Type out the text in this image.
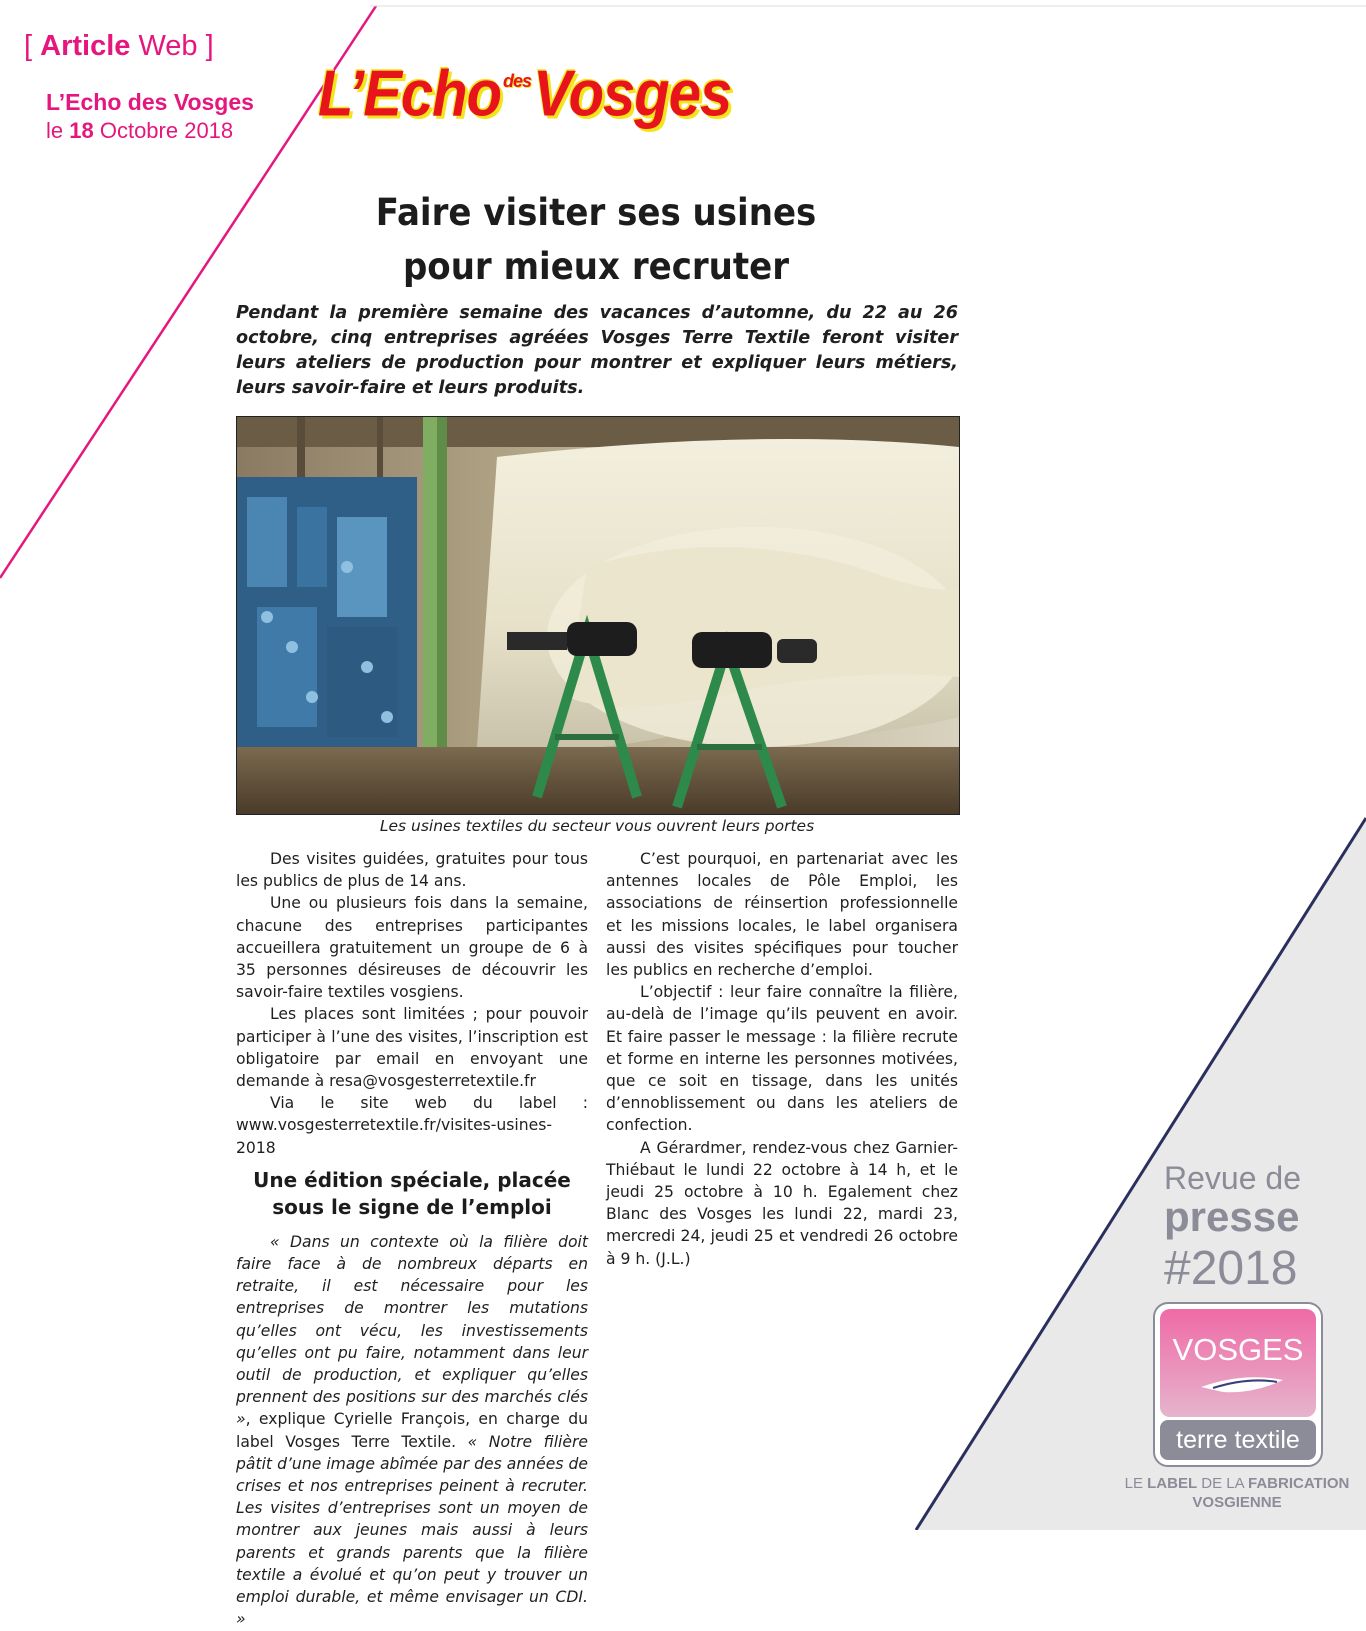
[ Article Web ]
L’Echo des Vosges
le 18 Octobre 2018
L’Echo desVosges
Faire visiter ses usines
pour mieux recruter
Pendant la première semaine des vacances d’automne, du 22 au 26 octobre, cinq entreprises agréées Vosges Terre Textile feront visiter leurs ateliers de production pour montrer et expliquer leurs métiers, leurs savoir-faire et leurs produits.
Les usines textiles du secteur vous ouvrent leurs portes

Des visites guidées, gratuites pour tous les publics de plus de 14 ans.

Une ou plusieurs fois dans la semaine, chacune des entreprises participantes accueillera gratuitement un groupe de 6 à 35 personnes désireuses de découvrir les savoir-faire textiles vosgiens.

Les places sont limitées ; pour pouvoir participer à l’une des visites, l’inscription est obligatoire par email en envoyant une demande à resa@vosgesterretextile.fr

Via le site web du label : www.vosgesterretextile.fr/visites-usines-2018

Une édition spéciale, placée
sous le signe de l’emploi

« Dans un contexte où la filière doit faire face à de nombreux départs en retraite, il est nécessaire pour les entreprises de montrer les mutations qu’elles ont vécu, les investissements qu’elles ont pu faire, notamment dans leur outil de production, et expliquer qu’elles prennent des positions sur des marchés clés », explique Cyrielle François, en charge du label Vosges Terre Textile. « Notre filière pâtit d’une image abîmée par des années de crises et nos entreprises peinent à recruter. Les visites d’entreprises sont un moyen de montrer aux jeunes mais aussi à leurs parents et grands parents que la filière textile a évolué et qu’on peut y trouver un emploi durable, et même envisager un CDI. »

C’est pourquoi, en partenariat avec les antennes locales de Pôle Emploi, les associations de réinsertion professionnelle et les missions locales, le label organisera aussi des visites spécifiques pour toucher les publics en recherche d’emploi.

L’objectif : leur faire connaître la filière, au-delà de l’image qu’ils peuvent en avoir. Et faire passer le message : la filière recrute et forme en interne les personnes motivées, que ce soit en tissage, dans les unités d’ennoblissement ou dans les ateliers de confection.

A Gérardmer, rendez-vous chez Garnier-Thiébaut le lundi 22 octobre à 14 h, et le jeudi 25 octobre à 10 h. Egalement chez Blanc des Vosges les lundi 22, mardi 23, mercredi 24, jeudi 25 et vendredi 26 octobre à 9 h. (J.L.)

Revue de
presse
#2018
VOSGES
terre textile
LE LABEL DE LA FABRICATION
VOSGIENNE
